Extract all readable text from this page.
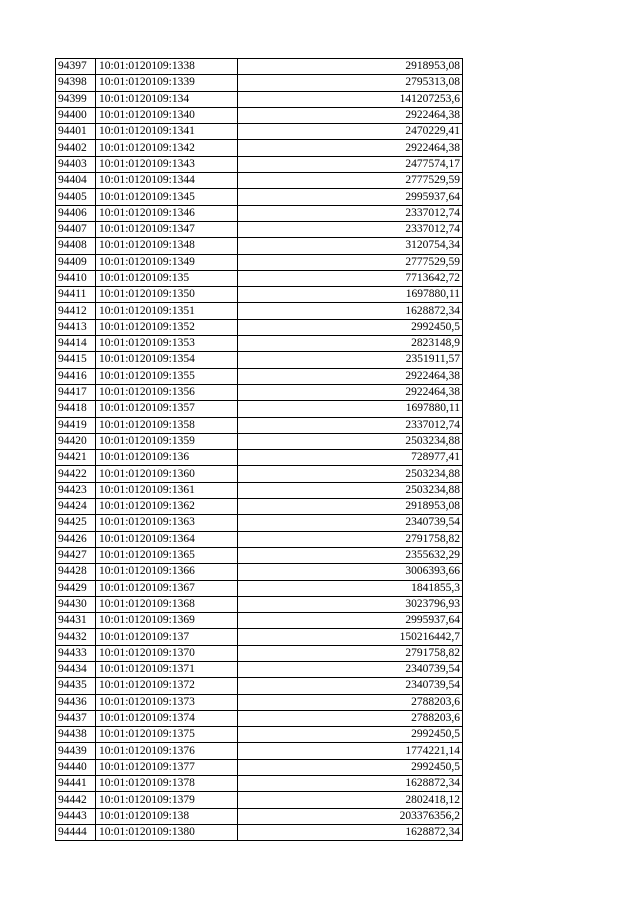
94397	10:01:0120109:1338	2918953,08
94398	10:01:0120109:1339	2795313,08
94399	10:01:0120109:134	141207253,6
94400	10:01:0120109:1340	2922464,38
94401	10:01:0120109:1341	2470229,41
94402	10:01:0120109:1342	2922464,38
94403	10:01:0120109:1343	2477574,17
94404	10:01:0120109:1344	2777529,59
94405	10:01:0120109:1345	2995937,64
94406	10:01:0120109:1346	2337012,74
94407	10:01:0120109:1347	2337012,74
94408	10:01:0120109:1348	3120754,34
94409	10:01:0120109:1349	2777529,59
94410	10:01:0120109:135	7713642,72
94411	10:01:0120109:1350	1697880,11
94412	10:01:0120109:1351	1628872,34
94413	10:01:0120109:1352	2992450,5
94414	10:01:0120109:1353	2823148,9
94415	10:01:0120109:1354	2351911,57
94416	10:01:0120109:1355	2922464,38
94417	10:01:0120109:1356	2922464,38
94418	10:01:0120109:1357	1697880,11
94419	10:01:0120109:1358	2337012,74
94420	10:01:0120109:1359	2503234,88
94421	10:01:0120109:136	728977,41
94422	10:01:0120109:1360	2503234,88
94423	10:01:0120109:1361	2503234,88
94424	10:01:0120109:1362	2918953,08
94425	10:01:0120109:1363	2340739,54
94426	10:01:0120109:1364	2791758,82
94427	10:01:0120109:1365	2355632,29
94428	10:01:0120109:1366	3006393,66
94429	10:01:0120109:1367	1841855,3
94430	10:01:0120109:1368	3023796,93
94431	10:01:0120109:1369	2995937,64
94432	10:01:0120109:137	150216442,7
94433	10:01:0120109:1370	2791758,82
94434	10:01:0120109:1371	2340739,54
94435	10:01:0120109:1372	2340739,54
94436	10:01:0120109:1373	2788203,6
94437	10:01:0120109:1374	2788203,6
94438	10:01:0120109:1375	2992450,5
94439	10:01:0120109:1376	1774221,14
94440	10:01:0120109:1377	2992450,5
94441	10:01:0120109:1378	1628872,34
94442	10:01:0120109:1379	2802418,12
94443	10:01:0120109:138	203376356,2
94444	10:01:0120109:1380	1628872,34
